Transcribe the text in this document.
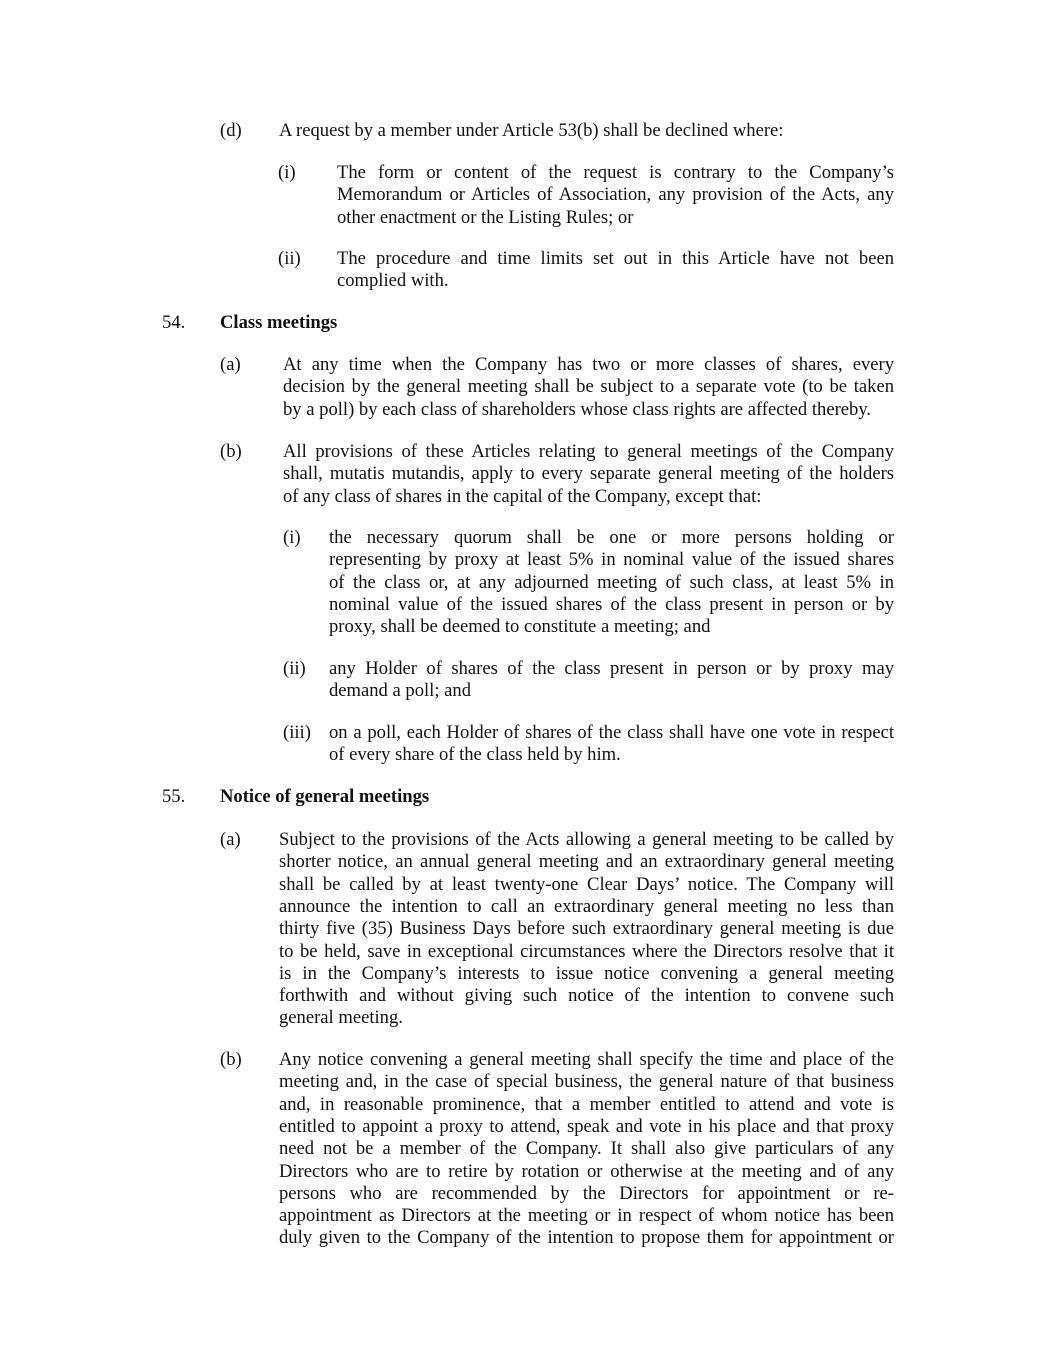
(d) A request by a member under Article 53(b) shall be declined where:
(i) The form or content of the request is contrary to the Company’s
Memorandum or Articles of Association, any provision of the Acts, any
other enactment or the Listing Rules; or
(ii) The procedure and time limits set out in this Article have not been
complied with.
54. Class meetings
(a) At any time when the Company has two or more classes of shares, every
decision by the general meeting shall be subject to a separate vote (to be taken
by a poll) by each class of shareholders whose class rights are affected thereby.
(b) All provisions of these Articles relating to general meetings of the Company
shall, mutatis mutandis, apply to every separate general meeting of the holders
of any class of shares in the capital of the Company, except that:
(i) the necessary quorum shall be one or more persons holding or
representing by proxy at least 5% in nominal value of the issued shares
of the class or, at any adjourned meeting of such class, at least 5% in
nominal value of the issued shares of the class present in person or by
proxy, shall be deemed to constitute a meeting; and
(ii) any Holder of shares of the class present in person or by proxy may
demand a poll; and
(iii) on a poll, each Holder of shares of the class shall have one vote in respect
of every share of the class held by him.
55. Notice of general meetings
(a) Subject to the provisions of the Acts allowing a general meeting to be called by
shorter notice, an annual general meeting and an extraordinary general meeting
shall be called by at least twenty-one Clear Days’ notice. The Company will
announce the intention to call an extraordinary general meeting no less than
thirty five (35) Business Days before such extraordinary general meeting is due
to be held, save in exceptional circumstances where the Directors resolve that it
is in the Company’s interests to issue notice convening a general meeting
forthwith and without giving such notice of the intention to convene such
general meeting.
(b) Any notice convening a general meeting shall specify the time and place of the
meeting and, in the case of special business, the general nature of that business
and, in reasonable prominence, that a member entitled to attend and vote is
entitled to appoint a proxy to attend, speak and vote in his place and that proxy
need not be a member of the Company. It shall also give particulars of any
Directors who are to retire by rotation or otherwise at the meeting and of any
persons who are recommended by the Directors for appointment or re-
appointment as Directors at the meeting or in respect of whom notice has been
duly given to the Company of the intention to propose them for appointment or
